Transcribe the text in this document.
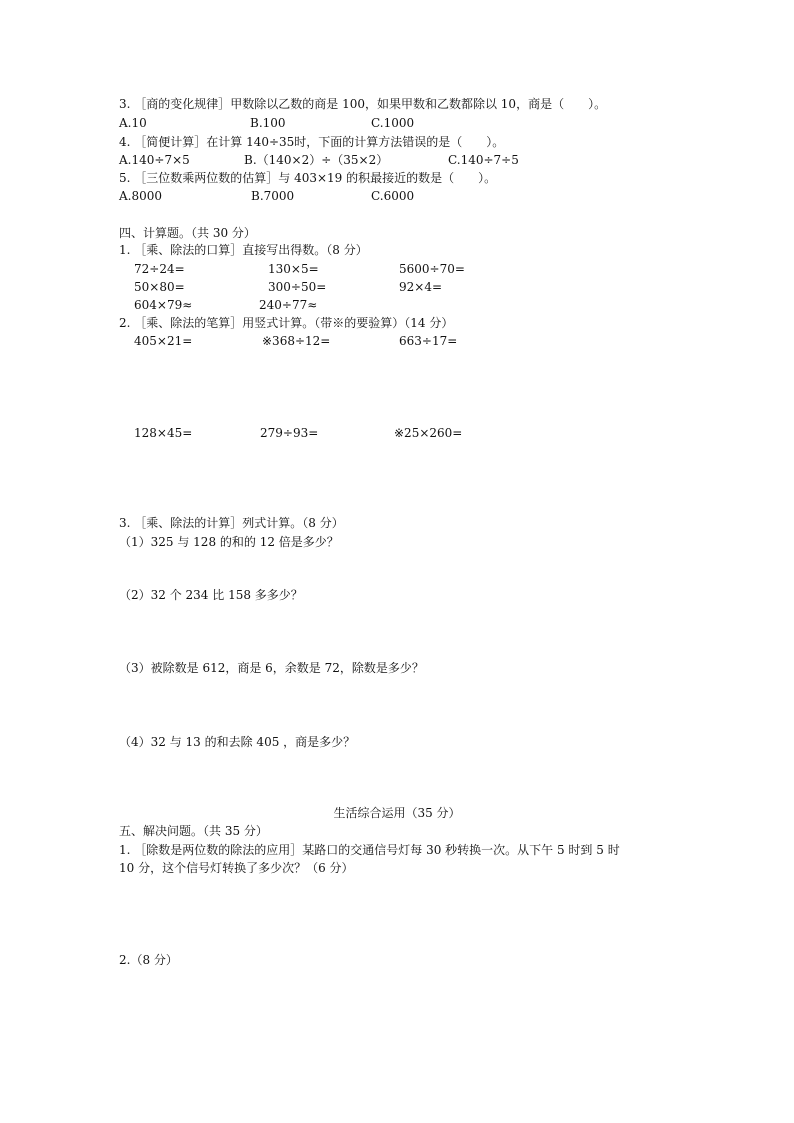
3. ［商的变化规律］甲数除以乙数的商是 100，如果甲数和乙数都除以 10，商是（　　）。
A.10	B.100	C.1000
4. ［简便计算］在计算 140÷35时，下面的计算方法错误的是（　　）。
A.140÷7×5	B.（140×2）÷（35×2）	C.140÷7÷5
5. ［三位数乘两位数的估算］与 403×19 的积最接近的数是（　　）。
A.8000	B.7000	C.6000
四、计算题。（共 30 分）
1. ［乘、除法的口算］直接写出得数。（8 分）
72÷24=	130×5=	5600÷70=
50×80=	300÷50=	92×4=
604×79≈	240÷77≈
2. ［乘、除法的笔算］用竖式计算。（带※的要验算）（14 分）
405×21=	※368÷12=	663÷17=
128×45=	279÷93=	※25×260=
3. ［乘、除法的计算］列式计算。（8 分）
（1）325 与 128 的和的 12 倍是多少？
（2）32 个 234 比 158 多多少？
（3）被除数是 612，商是 6，余数是 72，除数是多少？
（4）32 与 13 的和去除 405 ，商是多少？
生活综合运用（35 分）
五、解决问题。（共 35 分）
1. ［除数是两位数的除法的应用］某路口的交通信号灯每 30 秒转换一次。从下午 5 时到 5 时
10 分，这个信号灯转换了多少次？（6 分）
2.（8 分）
